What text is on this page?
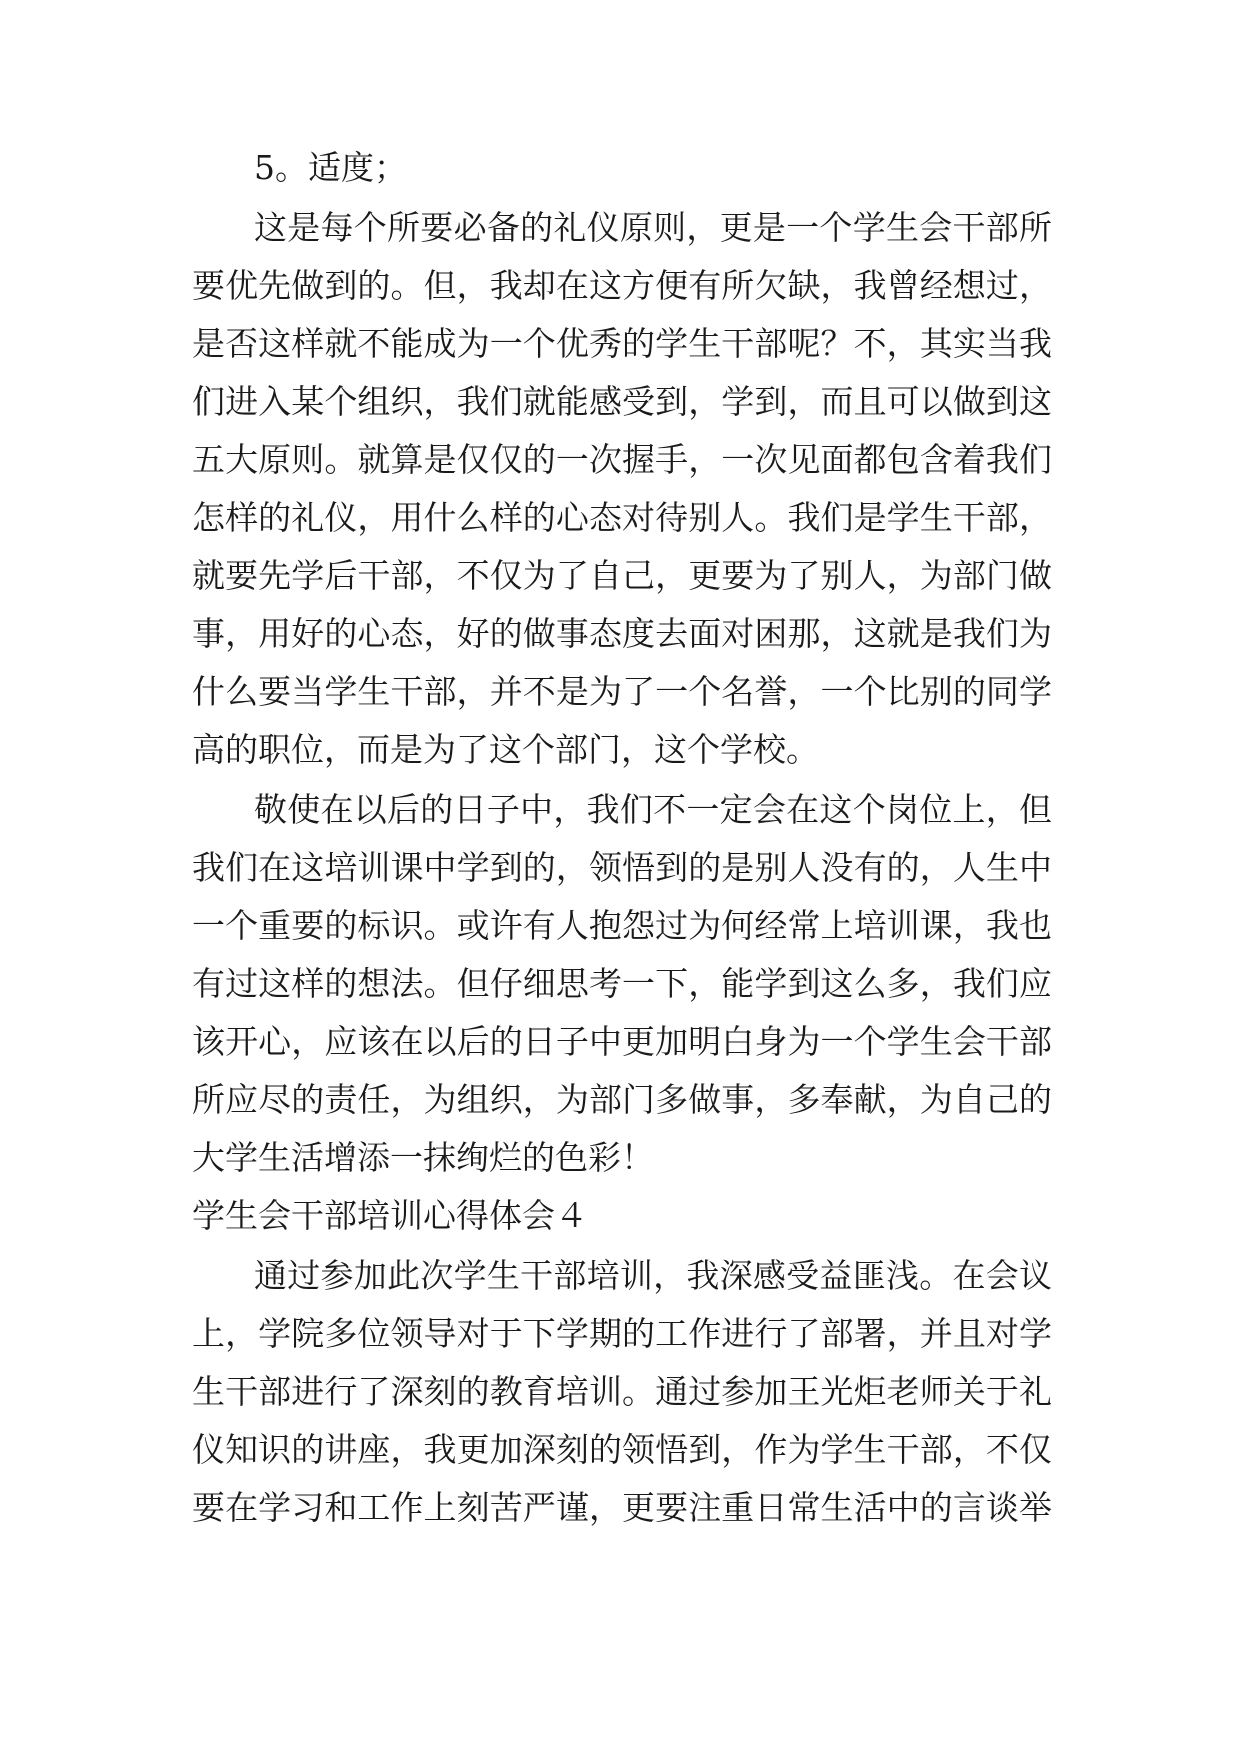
5。适度；
这是每个所要必备的礼仪原则，更是一个学生会干部所
要优先做到的。但，我却在这方便有所欠缺，我曾经想过，
是否这样就不能成为一个优秀的学生干部呢？不，其实当我
们进入某个组织，我们就能感受到，学到，而且可以做到这
五大原则。就算是仅仅的一次握手，一次见面都包含着我们
怎样的礼仪，用什么样的心态对待别人。我们是学生干部，
就要先学后干部，不仅为了自己，更要为了别人，为部门做
事，用好的心态，好的做事态度去面对困那，这就是我们为
什么要当学生干部，并不是为了一个名誉，一个比别的同学
高的职位，而是为了这个部门，这个学校。
敬使在以后的日子中，我们不一定会在这个岗位上，但
我们在这培训课中学到的，领悟到的是别人没有的，人生中
一个重要的标识。或许有人抱怨过为何经常上培训课，我也
有过这样的想法。但仔细思考一下，能学到这么多，我们应
该开心，应该在以后的日子中更加明白身为一个学生会干部
所应尽的责任，为组织，为部门多做事，多奉献，为自己的
大学生活增添一抹绚烂的色彩！
学生会干部培训心得体会４
通过参加此次学生干部培训，我深感受益匪浅。在会议
上，学院多位领导对于下学期的工作进行了部署，并且对学
生干部进行了深刻的教育培训。通过参加王光炬老师关于礼
仪知识的讲座，我更加深刻的领悟到，作为学生干部，不仅
要在学习和工作上刻苦严谨，更要注重日常生活中的言谈举
